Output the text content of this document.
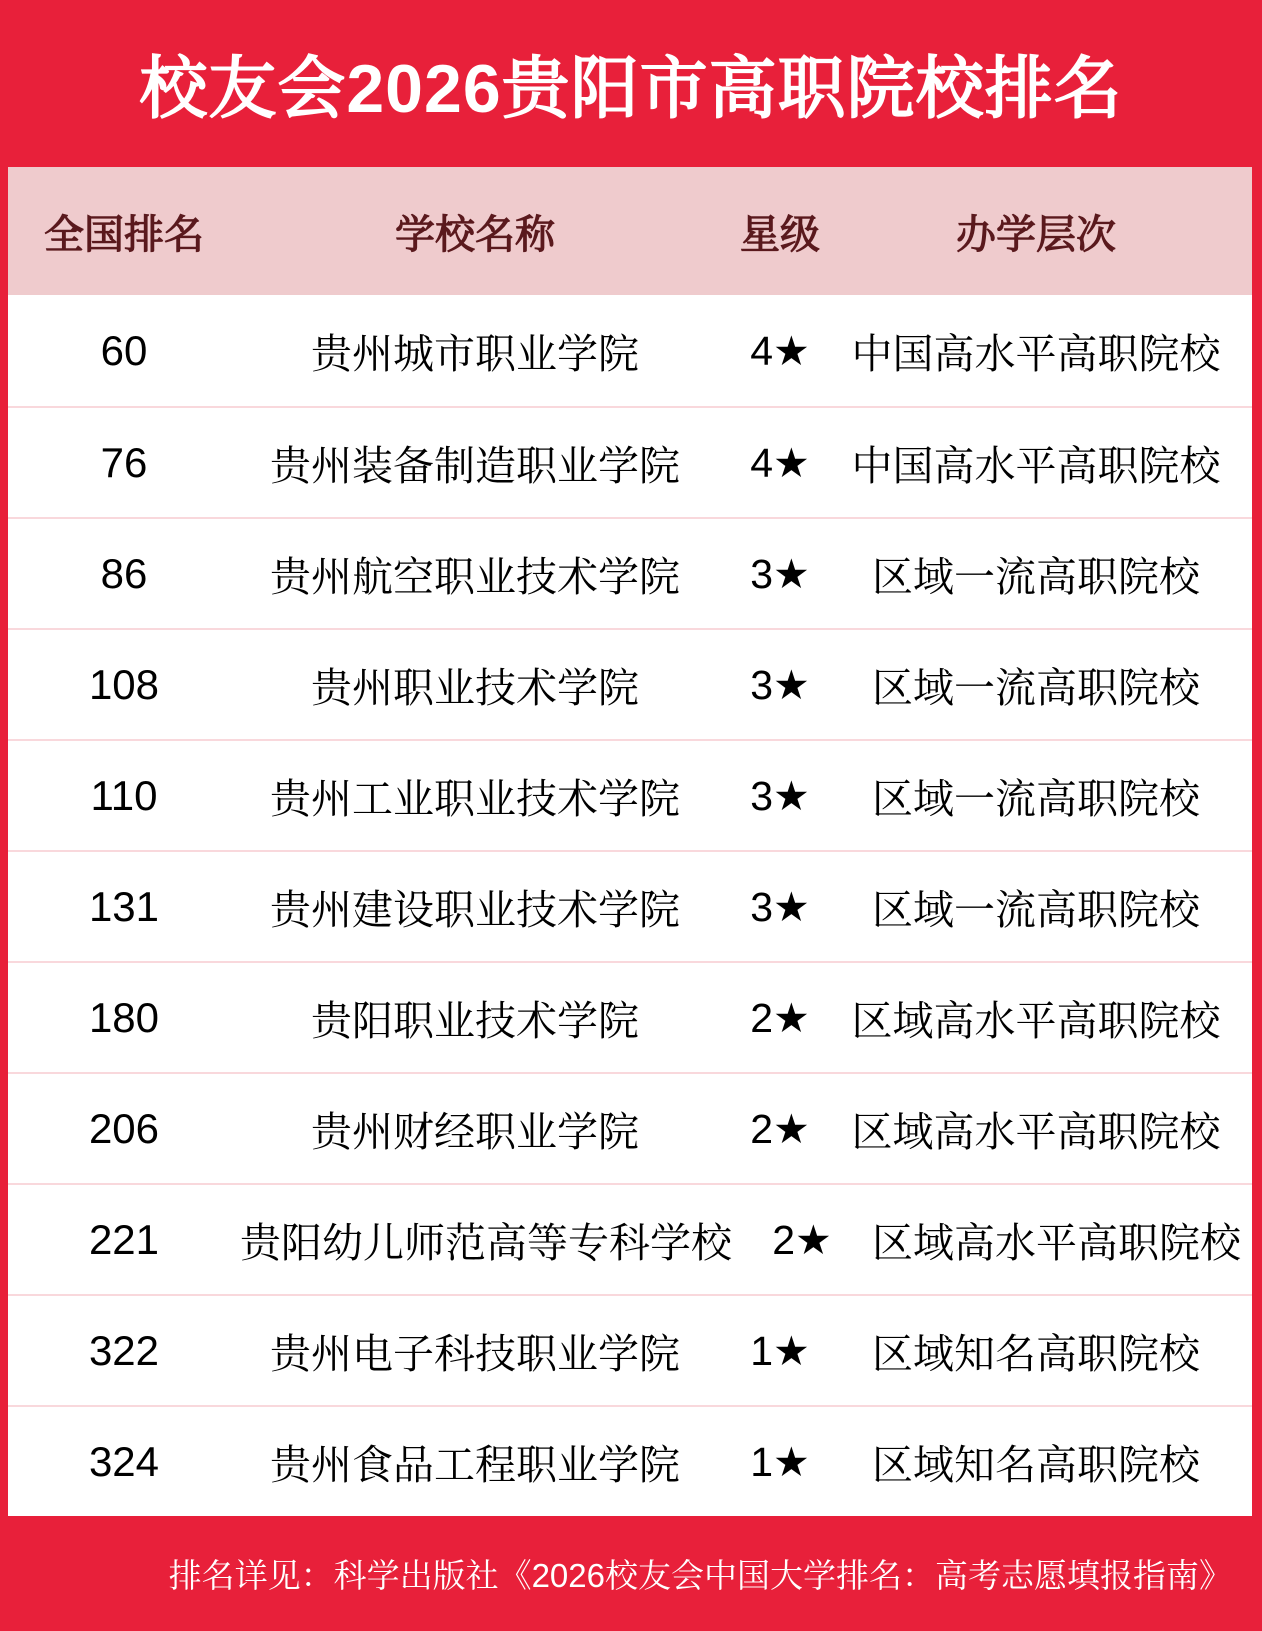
校友会2026贵阳市高职院校排名
全国排名	学校名称	星级	办学层次
60	贵州城市职业学院	4★	中国高水平高职院校
76	贵州装备制造职业学院	4★	中国高水平高职院校
86	贵州航空职业技术学院	3★	区域一流高职院校
108	贵州职业技术学院	3★	区域一流高职院校
110	贵州工业职业技术学院	3★	区域一流高职院校
131	贵州建设职业技术学院	3★	区域一流高职院校
180	贵阳职业技术学院	2★	区域高水平高职院校
206	贵州财经职业学院	2★	区域高水平高职院校
221	贵阳幼儿师范高等专科学校 2★ 区域高水平高职院校
322	贵州电子科技职业学院	1★	区域知名高职院校
324	贵州食品工程职业学院	1★	区域知名高职院校
排名详见：科学出版社《2026校友会中国大学排名：高考志愿填报指南》
